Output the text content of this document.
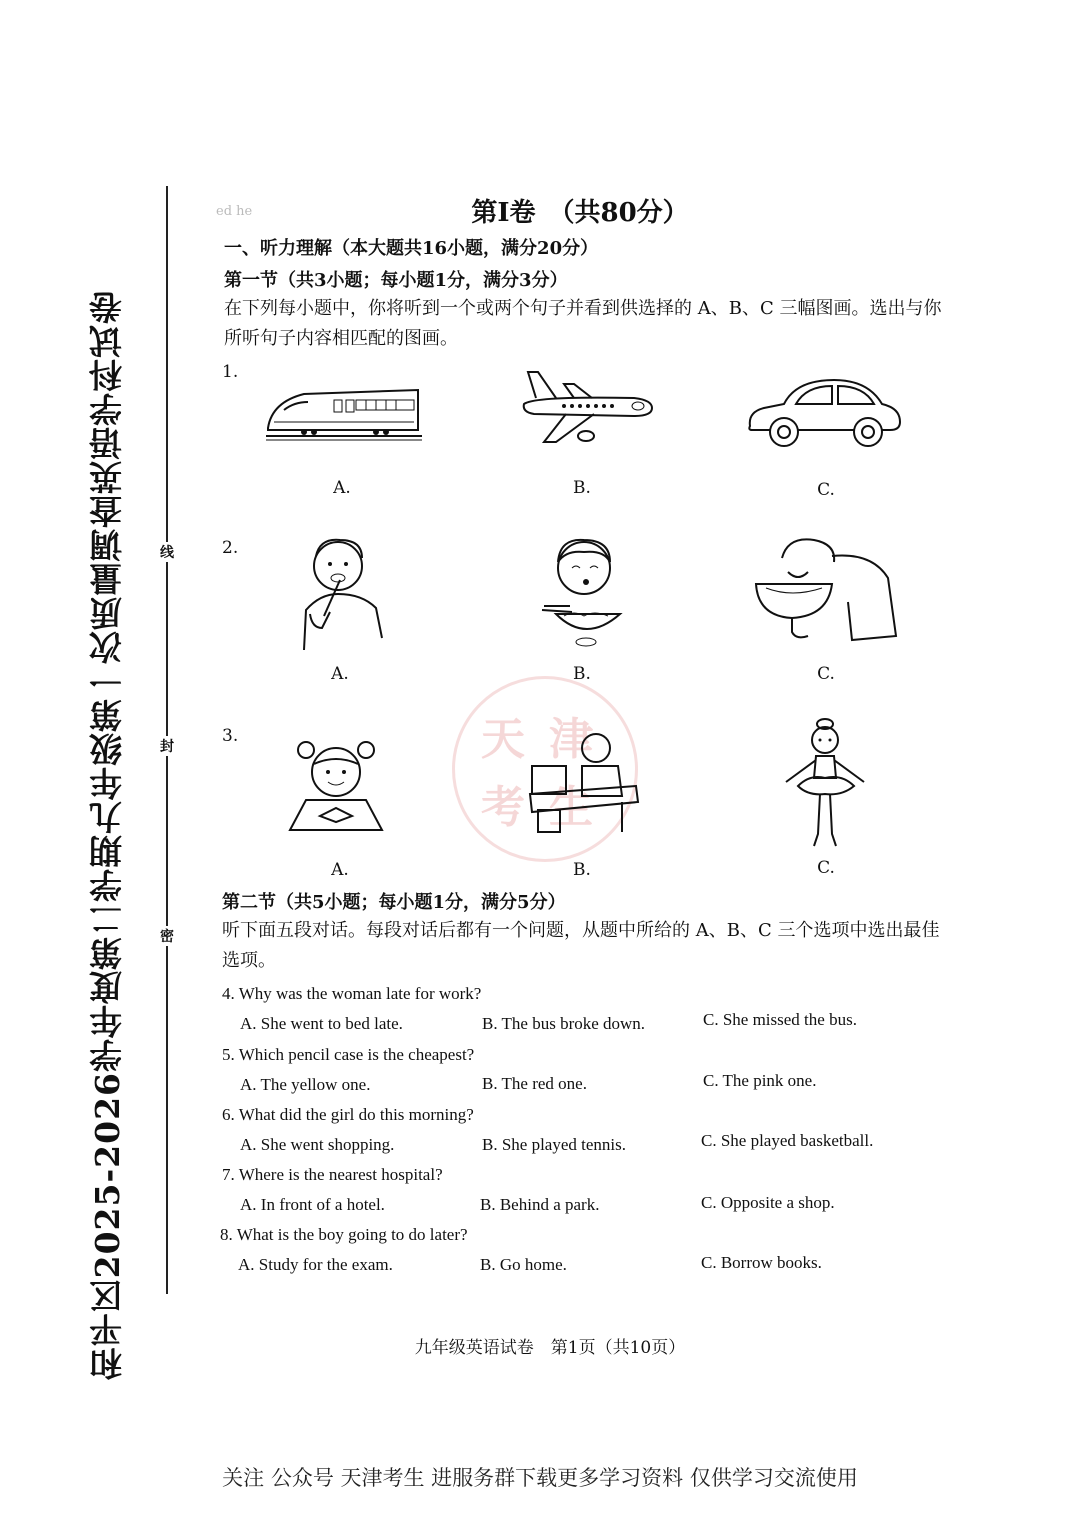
和平区2025-2026学年度第二学期九年级第一次质量调查英语学科试卷	线
封
密
ed he	第Ⅰ卷　（共80分）
一、听力理解（本大题共16小题，满分20分）
第一节（共3小题；每小题1分，满分3分）
在下列每小题中，你将听到一个或两个句子并看到供选择的 A、B、C 三幅图画。选出与你所听句子内容相匹配的图画。
1.
A.	B.	C.
2.
A.	B.	C.
天 津
考 生
3.
A.	B.	C.
第二节（共5小题；每小题1分，满分5分）
听下面五段对话。每段对话后都有一个问题，从题中所给的 A、B、C 三个选项中选出最佳选项。
4. Why was the woman late for work?
A. She went to bed late.	B. The bus broke down.	C. She missed the bus.
5. Which pencil case is the cheapest?
A. The yellow one.	B. The red one.	C. The pink one.
6. What did the girl do this morning?
A. She went shopping.	B. She played tennis.	C. She played basketball.
7. Where is the nearest hospital?
A. In front of a hotel.	B. Behind a park.	C. Opposite a shop.
8. What is the boy going to do later?
A. Study for the exam.	B. Go home.	C. Borrow books.
九年级英语试卷　第1页（共10页）
关注 公众号 天津考生 进服务群下载更多学习资料 仅供学习交流使用
